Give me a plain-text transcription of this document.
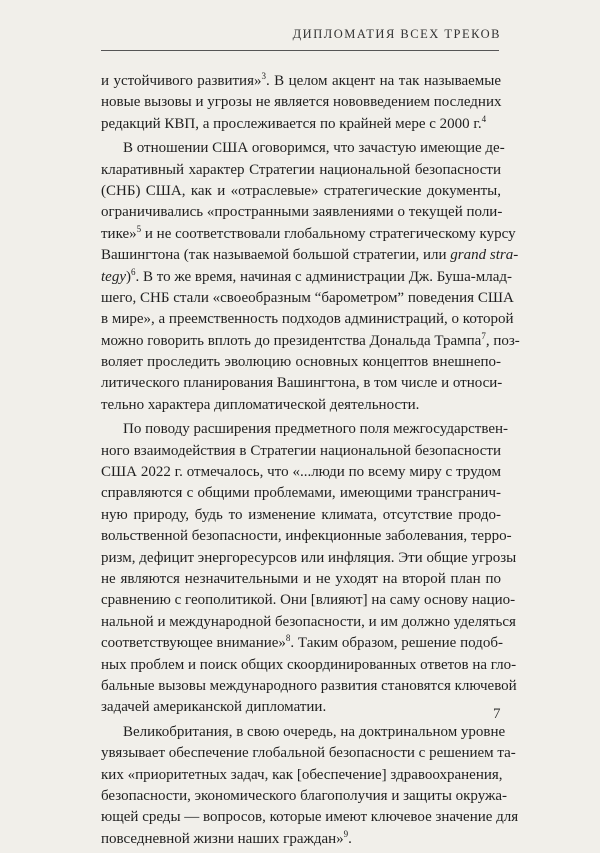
ДИПЛОМАТИЯ ВСЕХ ТРЕКОВ
и устойчивого развития»$^3$. В целом акцент на так называемые
новые вызовы и угрозы не является нововведением последних
редакций КВП, а прослеживается по крайней мере с 2000 г.$^4$
В отношении США оговоримся, что зачастую имеющие де-
кларативный характер Стратегии национальной безопасности
(СНБ) США, как и «отраслевые» стратегические документы,
ограничивались «пространными заявлениями о текущей поли-
тике»$^5$ и не соответствовали глобальному стратегическому курсу
Вашингтона (так называемой большой стратегии, или grand stra-
tegy)$^6$. В то же время, начиная с администрации Дж. Буша-млад-
шего, СНБ стали «своеобразным “барометром” поведения США
в мире», а преемственность подходов администраций, о которой
можно говорить вплоть до президентства Дональда Трампа$^7$, поз-
воляет проследить эволюцию основных концептов внешнепо-
литического планирования Вашингтона, в том числе и относи-
тельно характера дипломатической деятельности.
По поводу расширения предметного поля межгосударствен-
ного взаимодействия в Стратегии национальной безопасности
США 2022 г. отмечалось, что «...люди по всему миру с трудом
справляются с общими проблемами, имеющими трансгранич-
ную природу, будь то изменение климата, отсутствие продо-
вольственной безопасности, инфекционные заболевания, терро-
ризм, дефицит энергоресурсов или инфляция. Эти общие угрозы
не являются незначительными и не уходят на второй план по
сравнению с геополитикой. Они [влияют] на саму основу нацио-
нальной и международной безопасности, и им должно уделяться
соответствующее внимание»$^8$. Таким образом, решение подоб-
ных проблем и поиск общих скоординированных ответов на гло-
бальные вызовы международного развития становятся ключевой
задачей американской дипломатии.
Великобритания, в свою очередь, на доктринальном уровне
увязывает обеспечение глобальной безопасности с решением та-
ких «приоритетных задач, как [обеспечение] здравоохранения,
безопасности, экономического благополучия и защиты окружа-
ющей среды — вопросов, которые имеют ключевое значение для
повседневной жизни наших граждан»$^9$.
7
